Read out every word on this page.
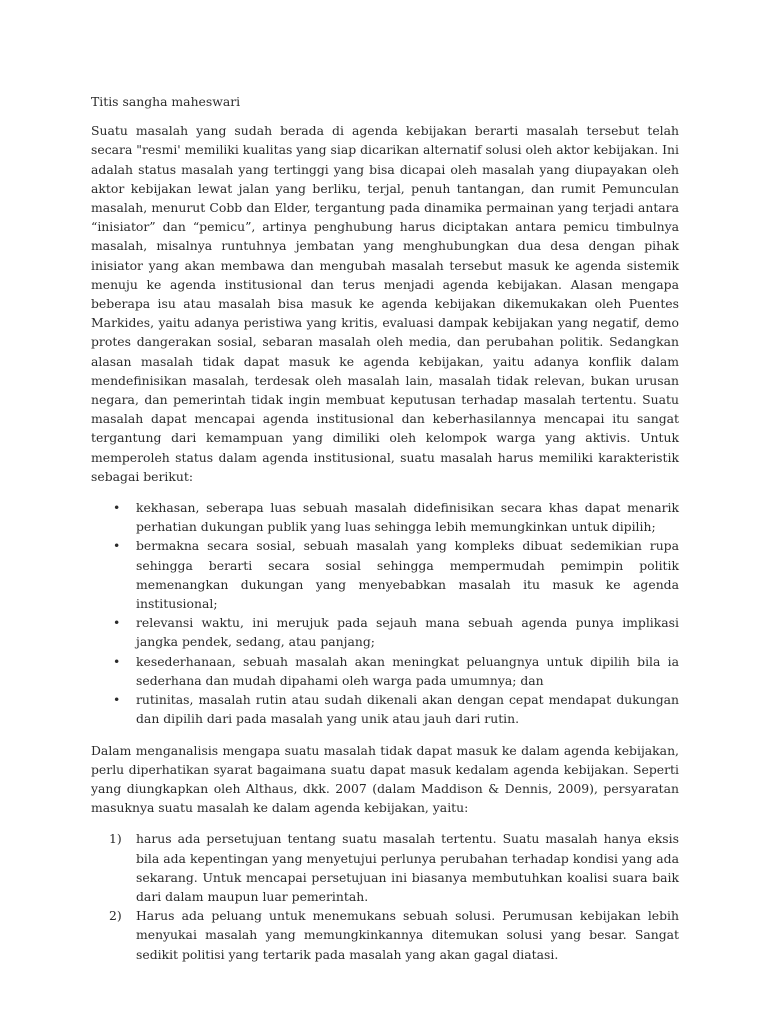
Titis sangha maheswari

Suatu masalah yang sudah berada di agenda kebijakan berarti masalah tersebut telah secara "resmi' memiliki kualitas yang siap dicarikan alternatif solusi oleh aktor kebijakan. Ini adalah status masalah yang tertinggi yang bisa dicapai oleh masalah yang diupayakan oleh aktor kebijakan lewat jalan yang berliku, terjal, penuh tantangan, dan rumit Pemunculan masalah, menurut Cobb dan Elder, tergantung pada dinamika permainan yang terjadi antara “inisiator” dan “pemicu”, artinya penghubung harus diciptakan antara pemicu timbulnya masalah, misalnya runtuhnya jembatan yang menghubungkan dua desa dengan pihak inisiator yang akan membawa dan mengubah masalah tersebut masuk ke agenda sistemik menuju ke agenda institusional dan terus menjadi agenda kebijakan. Alasan mengapa beberapa isu atau masalah bisa masuk ke agenda kebijakan dikemukakan oleh Puentes Markides, yaitu adanya peristiwa yang kritis, evaluasi dampak kebijakan yang negatif, demo protes dangerakan sosial, sebaran masalah oleh media, dan perubahan politik. Sedangkan alasan masalah tidak dapat masuk ke agenda kebijakan, yaitu adanya konflik dalam mendefinisikan masalah, terdesak oleh masalah lain, masalah tidak relevan, bukan urusan negara, dan pemerintah tidak ingin membuat keputusan terhadap masalah tertentu. Suatu masalah dapat mencapai agenda institusional dan keberhasilannya mencapai itu sangat tergantung dari kemampuan yang dimiliki oleh kelompok warga yang aktivis. Untuk memperoleh status dalam agenda institusional, suatu masalah harus memiliki karakteristik sebagai berikut:

• kekhasan, seberapa luas sebuah masalah didefinisikan secara khas dapat menarik perhatian dukungan publik yang luas sehingga lebih memungkinkan untuk dipilih;
• bermakna secara sosial, sebuah masalah yang kompleks dibuat sedemikian rupa sehingga berarti secara sosial sehingga mempermudah pemimpin politik memenangkan dukungan yang menyebabkan masalah itu masuk ke agenda institusional;
• relevansi waktu, ini merujuk pada sejauh mana sebuah agenda punya implikasi jangka pendek, sedang, atau panjang;
• kesederhanaan, sebuah masalah akan meningkat peluangnya untuk dipilih bila ia sederhana dan mudah dipahami oleh warga pada umumnya; dan
• rutinitas, masalah rutin atau sudah dikenali akan dengan cepat mendapat dukungan dan dipilih dari pada masalah yang unik atau jauh dari rutin.

Dalam menganalisis mengapa suatu masalah tidak dapat masuk ke dalam agenda kebijakan, perlu diperhatikan syarat bagaimana suatu dapat masuk kedalam agenda kebijakan. Seperti yang diungkapkan oleh Althaus, dkk. 2007 (dalam Maddison & Dennis, 2009), persyaratan masuknya suatu masalah ke dalam agenda kebijakan, yaitu:

1) harus ada persetujuan tentang suatu masalah tertentu. Suatu masalah hanya eksis bila ada kepentingan yang menyetujui perlunya perubahan terhadap kondisi yang ada sekarang. Untuk mencapai persetujuan ini biasanya membutuhkan koalisi suara baik dari dalam maupun luar pemerintah.
2) Harus ada peluang untuk menemukans sebuah solusi. Perumusan kebijakan lebih menyukai masalah yang memungkinkannya ditemukan solusi yang besar. Sangat sedikit politisi yang tertarik pada masalah yang akan gagal diatasi.
